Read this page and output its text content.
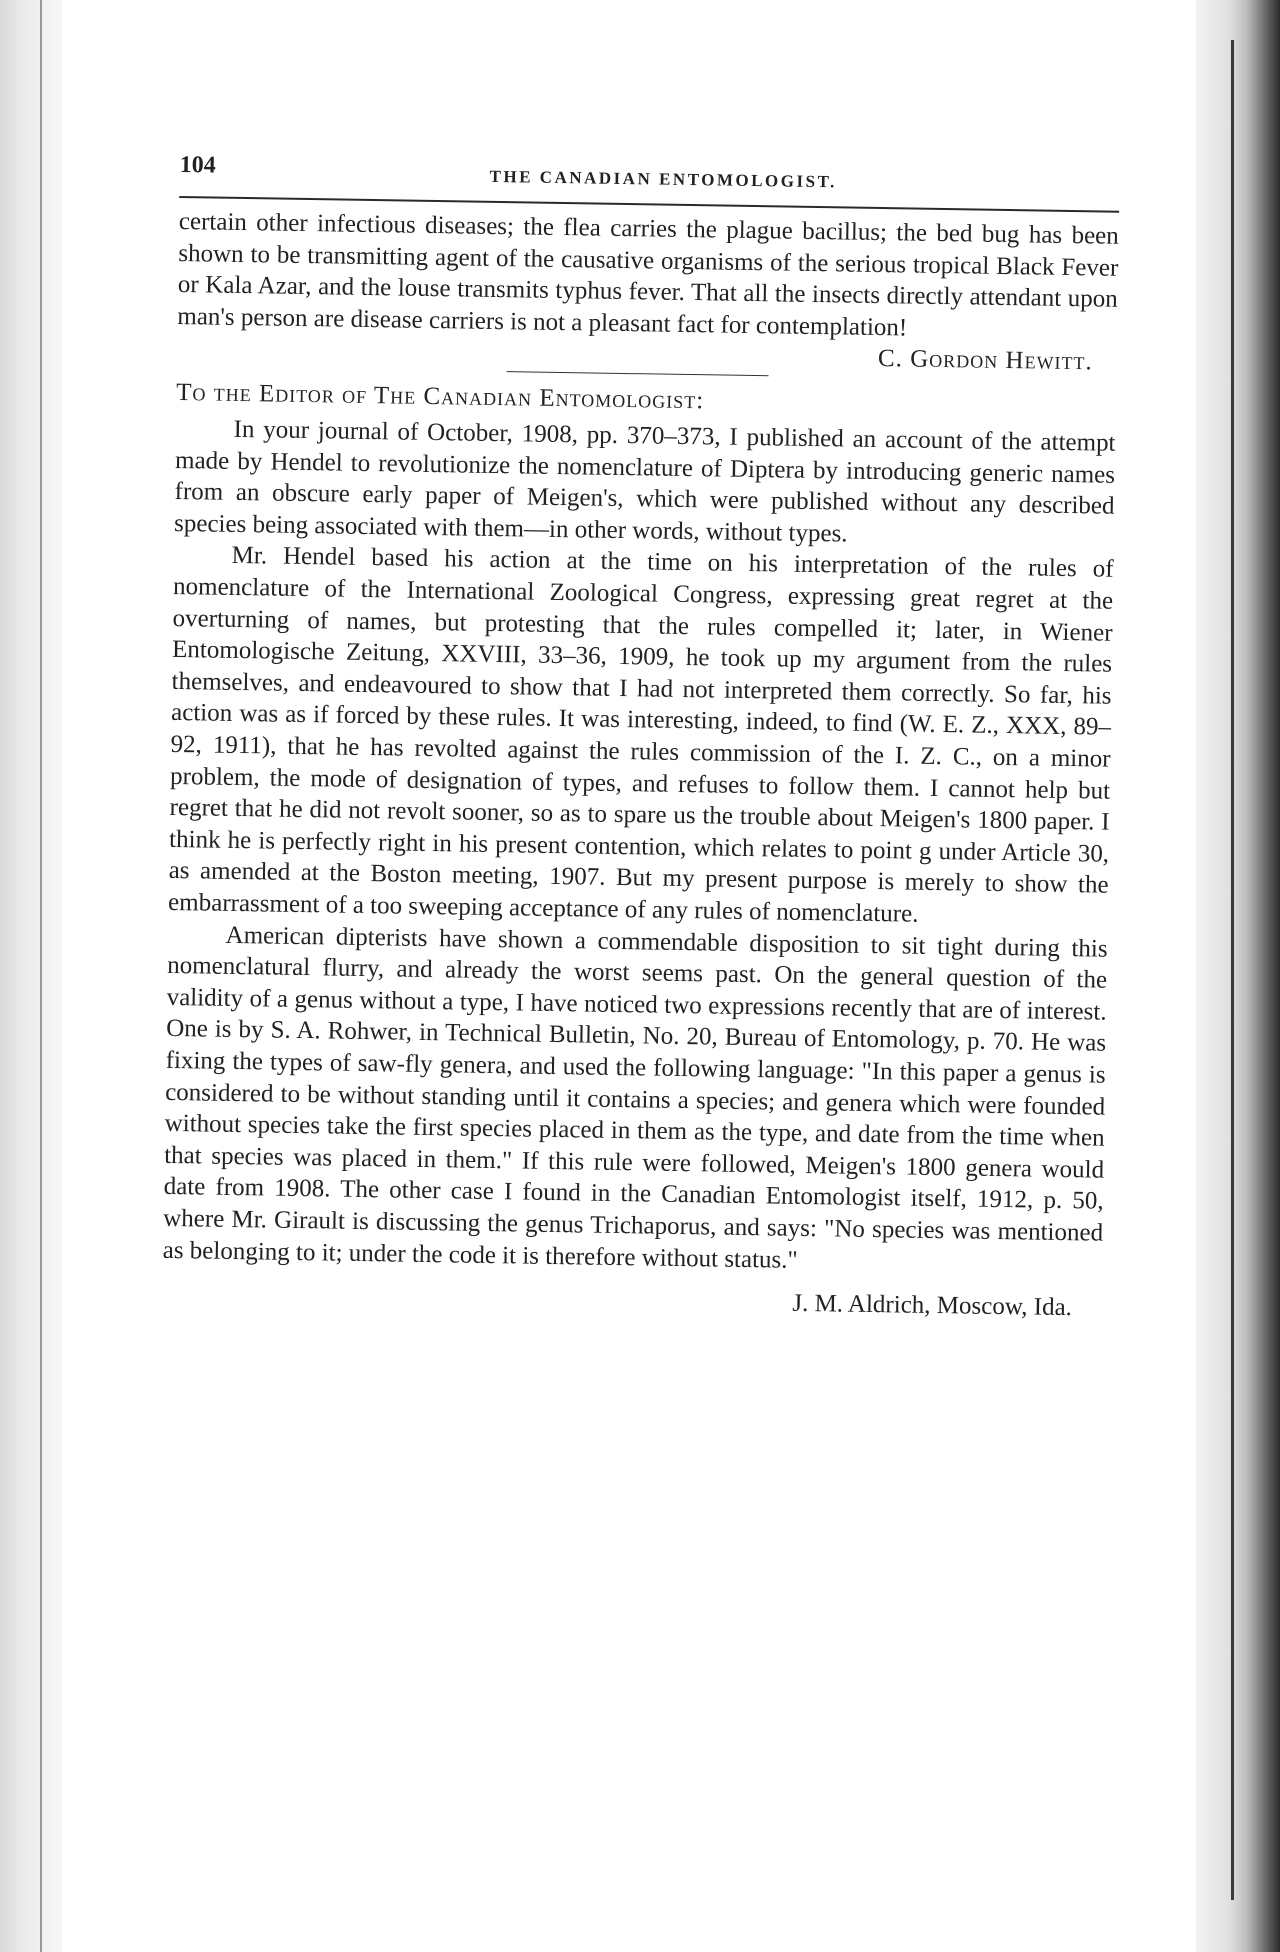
104
THE CANADIAN ENTOMOLOGIST.

certain other infectious diseases; the flea carries the plague bacillus; the bed bug has been shown to be transmitting agent of the causative organisms of the serious tropical Black Fever or Kala Azar, and the louse transmits typhus fever. That all the insects directly attendant upon man's person are disease carriers is not a pleasant fact for contemplation!

C. Gordon Hewitt.

To the Editor of The Canadian Entomologist:

In your journal of October, 1908, pp. 370–373, I published an account of the attempt made by Hendel to revolutionize the nomenclature of Diptera by introducing generic names from an obscure early paper of Meigen's, which were published without any described species being associated with them—in other words, without types.

Mr. Hendel based his action at the time on his interpretation of the rules of nomenclature of the International Zoological Congress, expressing great regret at the overturning of names, but protesting that the rules compelled it; later, in Wiener Entomologische Zeitung, XXVIII, 33–36, 1909, he took up my argument from the rules themselves, and endeavoured to show that I had not interpreted them correctly. So far, his action was as if forced by these rules. It was interesting, indeed, to find (W. E. Z., XXX, 89–92, 1911), that he has revolted against the rules commission of the I. Z. C., on a minor problem, the mode of designation of types, and refuses to follow them. I cannot help but regret that he did not revolt sooner, so as to spare us the trouble about Meigen's 1800 paper. I think he is perfectly right in his present contention, which relates to point g under Article 30, as amended at the Boston meeting, 1907. But my present purpose is merely to show the embarrassment of a too sweeping acceptance of any rules of nomenclature.

American dipterists have shown a commendable disposition to sit tight during this nomenclatural flurry, and already the worst seems past. On the general question of the validity of a genus without a type, I have noticed two expressions recently that are of interest. One is by S. A. Rohwer, in Technical Bulletin, No. 20, Bureau of Entomology, p. 70. He was fixing the types of saw-fly genera, and used the following language: "In this paper a genus is considered to be without standing until it contains a species; and genera which were founded without species take the first species placed in them as the type, and date from the time when that species was placed in them." If this rule were followed, Meigen's 1800 genera would date from 1908. The other case I found in the Canadian Entomologist itself, 1912, p. 50, where Mr. Girault is discussing the genus Trichaporus, and says: "No species was mentioned as belonging to it; under the code it is therefore without status."

J. M. Aldrich, Moscow, Ida.
